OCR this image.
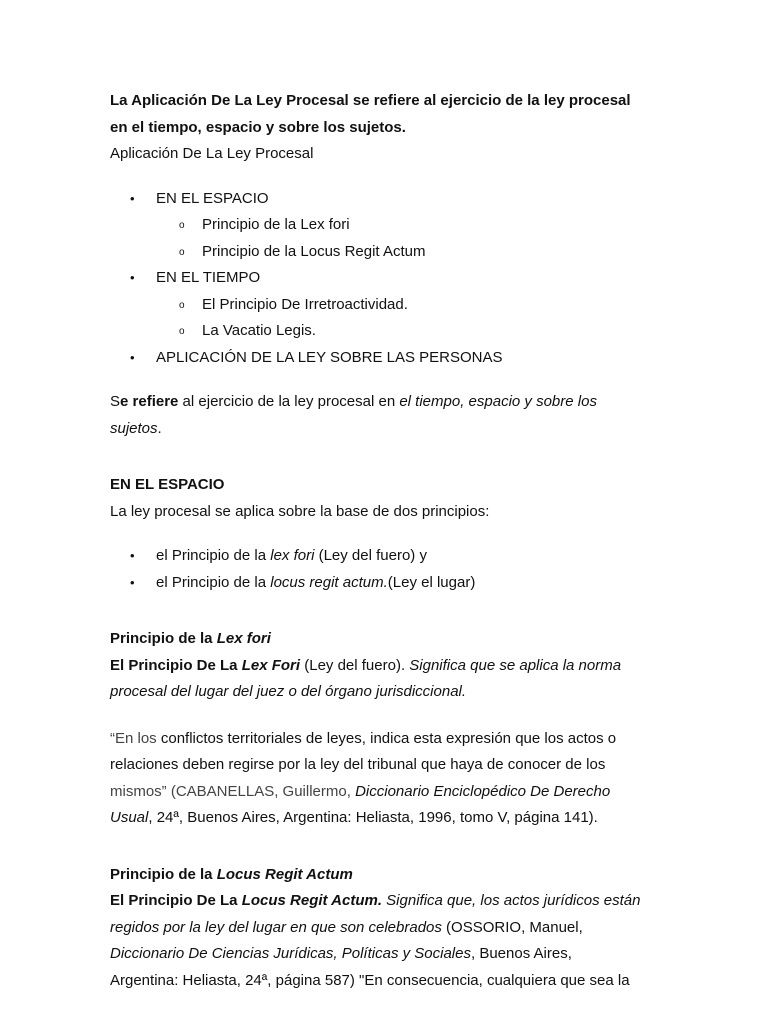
La Aplicación De La Ley Procesal se refiere al ejercicio de la ley procesal

en el tiempo, espacio y sobre los sujetos.

Aplicación De La Ley Procesal

• EN EL ESPACIO
o Principio de la Lex fori
o Principio de la Locus Regit Actum
• EN EL TIEMPO
o El Principio De Irretroactividad.
o La Vacatio Legis.
• APLICACIÓN DE LA LEY SOBRE LAS PERSONAS

Se refiere al ejercicio de la ley procesal en el tiempo, espacio y sobre los

sujetos.

EN EL ESPACIO

La ley procesal se aplica sobre la base de dos principios:

• el Principio de la lex fori (Ley del fuero) y
• el Principio de la locus regit actum.(Ley el lugar)

Principio de la Lex fori

El Principio De La Lex Fori (Ley del fuero). Significa que se aplica la norma

procesal del lugar del juez o del órgano jurisdiccional.

“En los conflictos territoriales de leyes, indica esta expresión que los actos o

relaciones deben regirse por la ley del tribunal que haya de conocer de los

mismos” (CABANELLAS, Guillermo, Diccionario Enciclopédico De Derecho

Usual, 24ª, Buenos Aires, Argentina: Heliasta, 1996, tomo V, página 141).

Principio de la Locus Regit Actum

El Principio De La Locus Regit Actum. Significa que, los actos jurídicos están

regidos por la ley del lugar en que son celebrados (OSSORIO, Manuel,

Diccionario De Ciencias Jurídicas, Políticas y Sociales, Buenos Aires,

Argentina: Heliasta, 24ª, página 587) "En consecuencia, cualquiera que sea la
